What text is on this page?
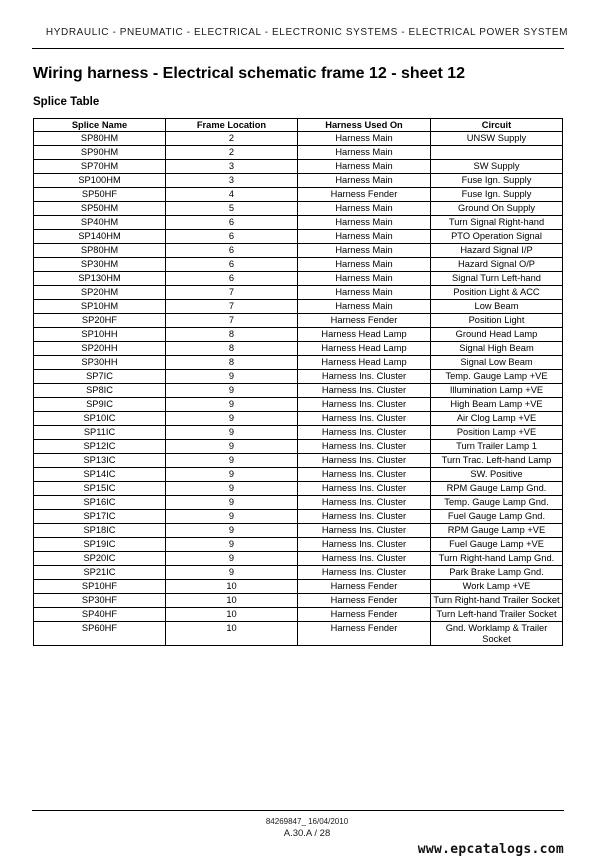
HYDRAULIC - PNEUMATIC - ELECTRICAL - ELECTRONIC SYSTEMS - ELECTRICAL POWER SYSTEM
Wiring harness - Electrical schematic frame 12 - sheet 12
Splice Table
Splice Name	Frame Location	Harness Used On	Circuit
SP80HM	2	Harness Main	UNSW Supply
SP90HM	2	Harness Main	
SP70HM	3	Harness Main	SW Supply
SP100HM	3	Harness Main	Fuse Ign. Supply
SP50HF	4	Harness Fender	Fuse Ign. Supply
SP50HM	5	Harness Main	Ground On Supply
SP40HM	6	Harness Main	Turn Signal Right-hand
SP140HM	6	Harness Main	PTO Operation Signal
SP80HM	6	Harness Main	Hazard Signal I/P
SP30HM	6	Harness Main	Hazard Signal O/P
SP130HM	6	Harness Main	Signal Turn Left-hand
SP20HM	7	Harness Main	Position Light & ACC
SP10HM	7	Harness Main	Low Beam
SP20HF	7	Harness Fender	Position Light
SP10HH	8	Harness Head Lamp	Ground Head Lamp
SP20HH	8	Harness Head Lamp	Signal High Beam
SP30HH	8	Harness Head Lamp	Signal Low Beam
SP7IC	9	Harness Ins. Cluster	Temp. Gauge Lamp +VE
SP8IC	9	Harness Ins. Cluster	Illumination Lamp +VE
SP9IC	9	Harness Ins. Cluster	High Beam Lamp +VE
SP10IC	9	Harness Ins. Cluster	Air Clog Lamp +VE
SP11IC	9	Harness Ins. Cluster	Position Lamp +VE
SP12IC	9	Harness Ins. Cluster	Turn Trailer Lamp 1
SP13IC	9	Harness Ins. Cluster	Turn Trac. Left-hand Lamp
SP14IC	9	Harness Ins. Cluster	SW. Positive
SP15IC	9	Harness Ins. Cluster	RPM Gauge Lamp Gnd.
SP16IC	9	Harness Ins. Cluster	Temp. Gauge Lamp Gnd.
SP17IC	9	Harness Ins. Cluster	Fuel Gauge Lamp Gnd.
SP18IC	9	Harness Ins. Cluster	RPM Gauge Lamp +VE
SP19IC	9	Harness Ins. Cluster	Fuel Gauge Lamp +VE
SP20IC	9	Harness Ins. Cluster	Turn Right-hand Lamp Gnd.
SP21IC	9	Harness Ins. Cluster	Park Brake Lamp Gnd.
SP10HF	10	Harness Fender	Work Lamp +VE
SP30HF	10	Harness Fender	Turn Right-hand Trailer Socket
SP40HF	10	Harness Fender	Turn Left-hand Trailer Socket
SP60HF	10	Harness Fender	Gnd. Worklamp & Trailer Socket
84269847_ 16/04/2010
A.30.A / 28
www.epcatalogs.com
